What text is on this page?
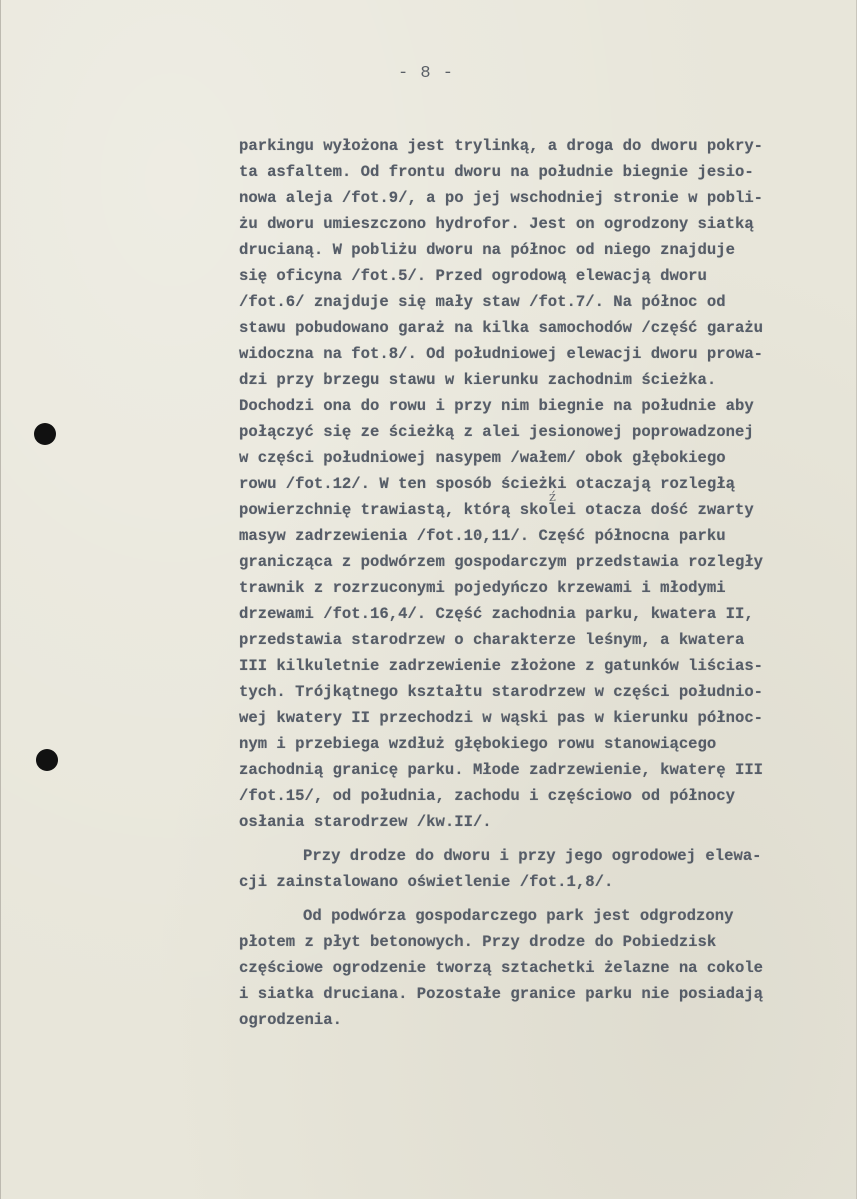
- 8 -
parkingu wyłożona jest trylinką, a droga do dworu pokry-
ta asfaltem. Od frontu dworu na południe biegnie jesio-
nowa aleja /fot.9/, a po jej wschodniej stronie w pobli-
żu dworu umieszczono hydrofor. Jest on ogrodzony siatką
drucianą. W pobliżu dworu na północ od niego znajduje
się oficyna /fot.5/. Przed ogrodową elewacją dworu
/fot.6/ znajduje się mały staw /fot.7/. Na północ od
stawu pobudowano garaż na kilka samochodów /część garażu
widoczna na fot.8/. Od południowej elewacji dworu prowa-
dzi przy brzegu stawu w kierunku zachodnim ścieżka.
Dochodzi ona do rowu i przy nim biegnie na południe aby
połączyć się ze ścieżką z alei jesionowej poprowadzonej
w części południowej nasypem /wałem/ obok głębokiego
rowu /fot.12/. W ten sposób ścieżki otaczają rozległą
powierzchnię trawiastą, którą skolei otacza dość zwarty
masyw zadrzewienia /fot.10,11/. Część północna parku
granicząca z podwórzem gospodarczym przedstawia rozległy
trawnik z rozrzuconymi pojedyńczo krzewami i młodymi
drzewami /fot.16,4/. Część zachodnia parku, kwatera II,
przedstawia starodrzew o charakterze leśnym, a kwatera
III kilkuletnie zadrzewienie złożone z gatunków liścias-
tych. Trójkątnego kształtu starodrzew w części południo-
wej kwatery II przechodzi w wąski pas w kierunku północ-
nym i przebiega wzdłuż głębokiego rowu stanowiącego
zachodnią granicę parku. Młode zadrzewienie, kwaterę III
/fot.15/, od południa, zachodu i częściowo od północy
osłania starodrzew /kw.II/.
Przy drodze do dworu i przy jego ogrodowej elewa-
cji zainstalowano oświetlenie /fot.1,8/.
Od podwórza gospodarczego park jest odgrodzony
płotem z płyt betonowych. Przy drodze do Pobiedzisk
częściowe ogrodzenie tworzą sztachetki żelazne na cokole
i siatka druciana. Pozostałe granice parku nie posiadają
ogrodzenia.
ź
